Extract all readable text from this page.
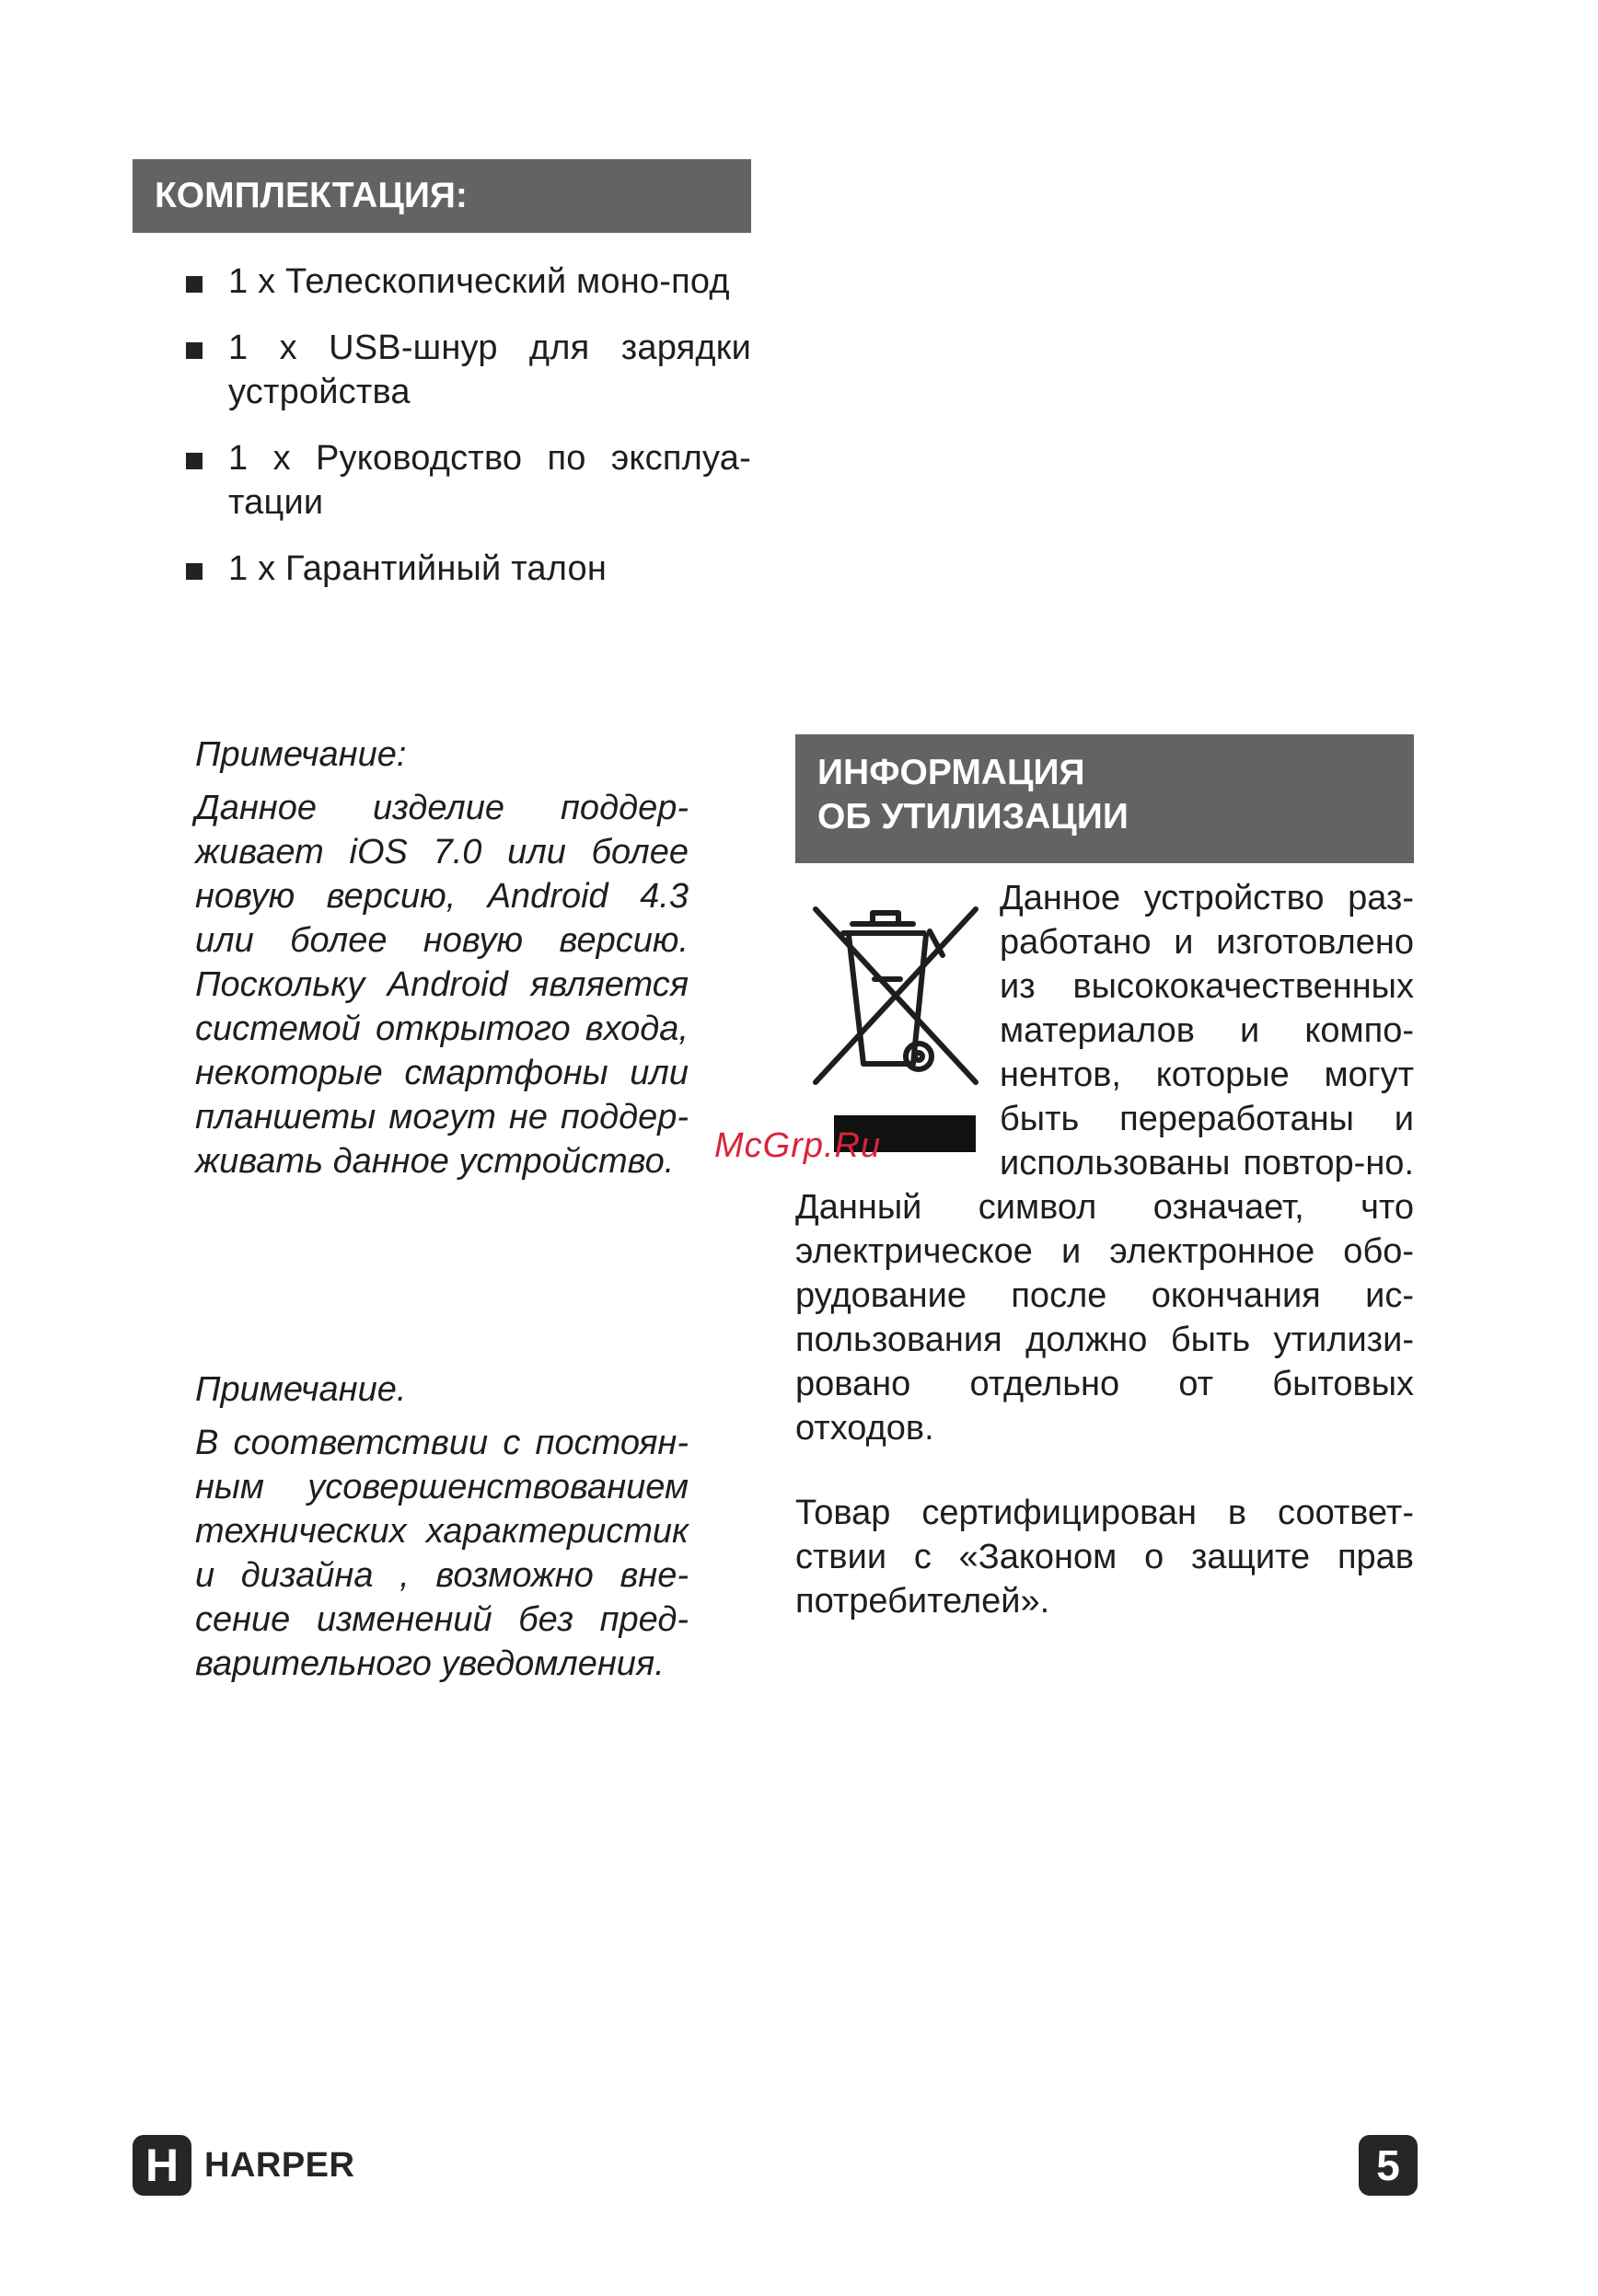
КОМПЛЕКТАЦИЯ:
1 х Телескопический моно-под
1 х USB-шнур для зарядки устройства
1 х Руководство по эксплуа-тации
1 х Гарантийный талон
Примечание:
Данное изделие поддер-живает iOS 7.0 или более новую версию, Android 4.3 или более новую версию. Поскольку Android является системой открытого входа, некоторые смартфоны или планшеты могут не поддер-живать данное устройство.
Примечание.
В соответствии с постоян-ным усовершенствованием технических характеристик и дизайна , возможно вне-сение изменений без пред-варительного уведомления.
ИНФОРМАЦИЯ
ОБ УТИЛИЗАЦИИ
Данное устройство раз-работано и изготовлено из высококачественных материалов и компо-нентов, которые могут быть переработаны и использованы повтор-но. Данный символ означает, что электрическое и электронное обо-рудование после окончания ис-пользования должно быть утилизи-ровано отдельно от бытовых отходов.
Товар сертифицирован в соответ-ствии с «Законом о защите прав потребителей».
McGrp.Ru
H HARPER	5
